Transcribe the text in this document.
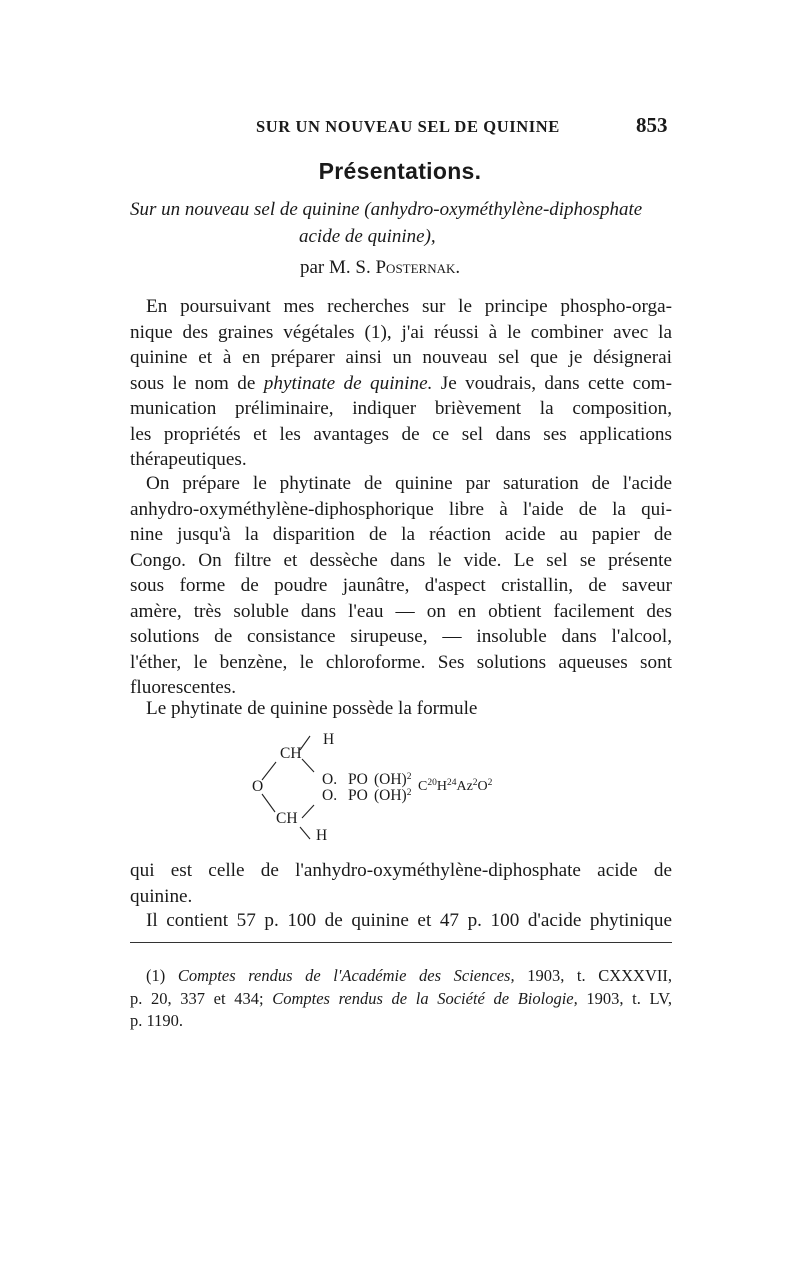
SUR UN NOUVEAU SEL DE QUININE	853
Présentations.
Sur un nouveau sel de quinine (anhydro-oxyméthylène-diphosphate
acide de quinine),
par M. S. Posternak.
En poursuivant mes recherches sur le principe phospho-orga-
nique des graines végétales (1), j'ai réussi à le combiner avec la
quinine et à en préparer ainsi un nouveau sel que je désignerai
sous le nom de phytinate de quinine. Je voudrais, dans cette com-
munication préliminaire, indiquer brièvement la composition,
les propriétés et les avantages de ce sel dans ses applications
thérapeutiques.
On prépare le phytinate de quinine par saturation de l'acide
anhydro-oxyméthylène-diphosphorique libre à l'aide de la qui-
nine jusqu'à la disparition de la réaction acide au papier de
Congo. On filtre et dessèche dans le vide. Le sel se présente
sous forme de poudre jaunâtre, d'aspect cristallin, de saveur
amère, très soluble dans l'eau — on en obtient facilement des
solutions de consistance sirupeuse, — insoluble dans l'alcool,
l'éther, le benzène, le chloroforme. Ses solutions aqueuses sont
fluorescentes.
Le phytinate de quinine possède la formule
H
CH
O	O. PO (OH)$^2$
O. PO (OH)$^2$ $C^{20}H^{24}Az^2O^2$
CH
H
qui est celle de l'anhydro-oxyméthylène-diphosphate acide de
quinine.
Il contient 57 p. 100 de quinine et 47 p. 100 d'acide phytinique
(1) Comptes rendus de l'Académie des Sciences, 1903, t. CXXXVII,
p. 20, 337 et 434; Comptes rendus de la Société de Biologie, 1903, t. LV,
p. 1190.
